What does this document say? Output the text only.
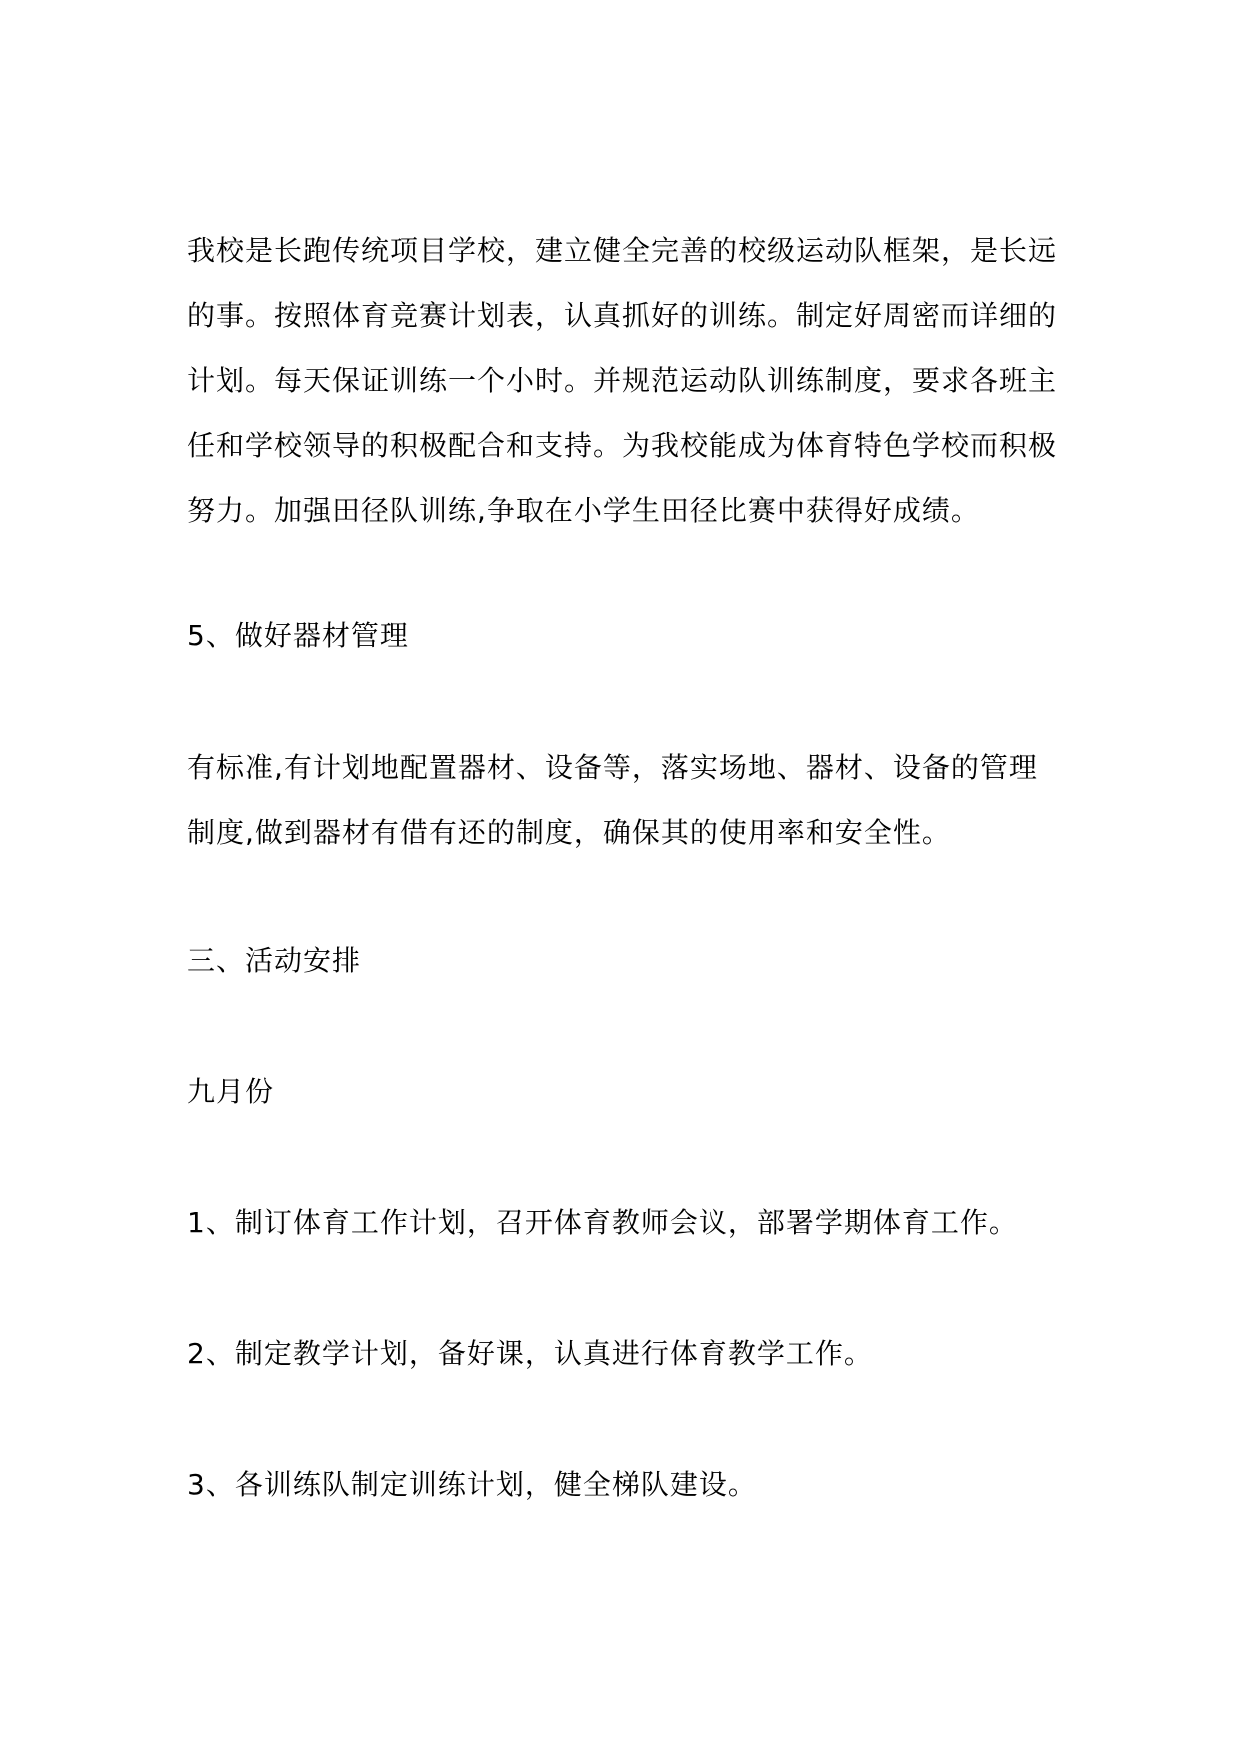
我校是长跑传统项目学校，建立健全完善的校级运动队框架，是长远
的事。按照体育竞赛计划表，认真抓好的训练。制定好周密而详细的
计划。每天保证训练一个小时。并规范运动队训练制度，要求各班主
任和学校领导的积极配合和支持。为我校能成为体育特色学校而积极
努力。加强田径队训练,争取在小学生田径比赛中获得好成绩。
5、做好器材管理
有标准,有计划地配置器材、设备等，落实场地、器材、设备的管理
制度,做到器材有借有还的制度，确保其的使用率和安全性。
三、活动安排
九月份
1、制订体育工作计划，召开体育教师会议，部署学期体育工作。
2、制定教学计划，备好课，认真进行体育教学工作。
3、各训练队制定训练计划，健全梯队建设。
